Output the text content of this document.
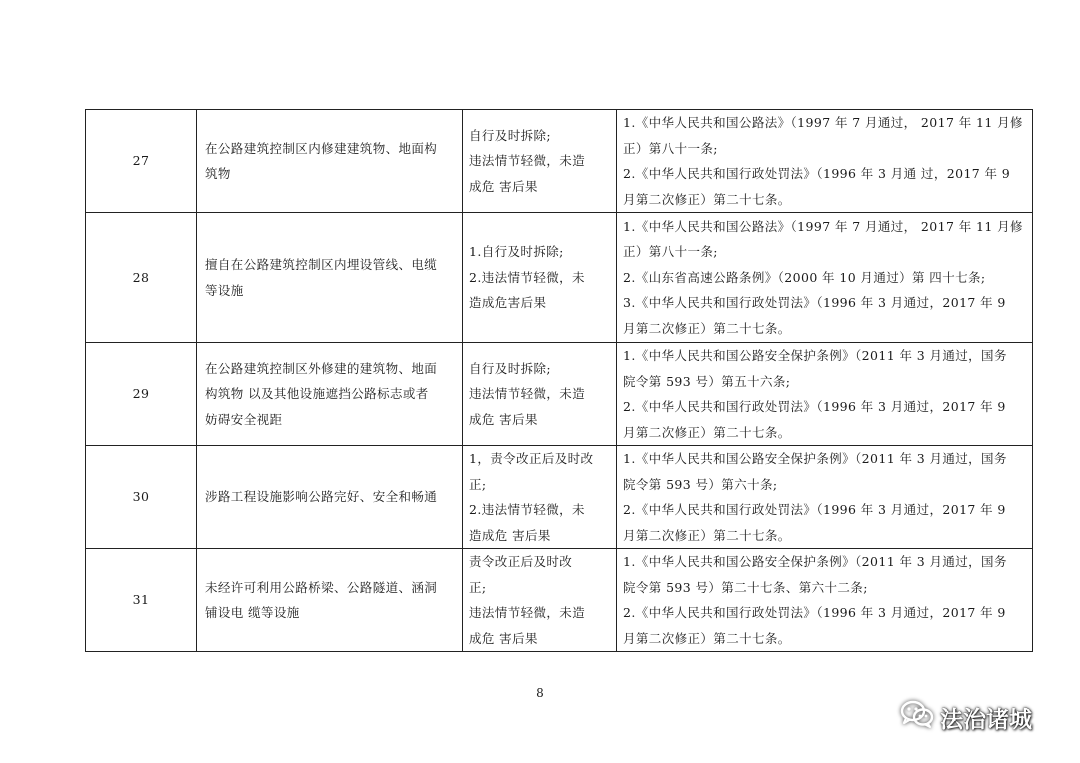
27	在公路建筑控制区内修建建筑物、地面构
筑物	自行及时拆除;
违法情节轻微，未造
成危 害后果	1.《中华人民共和国公路法》（1997 年 7 月通过， 2017 年 11 月修
正）第八十一条;
2.《中华人民共和国行政处罚法》（1996 年 3 月通 过，2017 年 9
月第二次修正）第二十七条。

28	擅自在公路建筑控制区内埋设管线、电缆
等设施	1.自行及时拆除;
2.违法情节轻微，未
造成危害后果	1.《中华人民共和国公路法》（1997 年 7 月通过， 2017 年 11 月修
正）第八十一条;
2.《山东省高速公路条例》（2000 年 10 月通过）第 四十七条;
3.《中华人民共和国行政处罚法》（1996 年 3 月通过，2017 年 9
月第二次修正）第二十七条。

29	在公路建筑控制区外修建的建筑物、地面
构筑物 以及其他设施遮挡公路标志或者
妨碍安全视距	自行及时拆除;
违法情节轻微，未造
成危 害后果	1.《中华人民共和国公路安全保护条例》（2011 年 3 月通过，国务
院令第 593 号）第五十六条;
2.《中华人民共和国行政处罚法》（1996 年 3 月通过，2017 年 9
月第二次修正）第二十七条。

30	涉路工程设施影响公路完好、安全和畅通	1，责令改正后及时改
正;
2.违法情节轻微，未
造成危 害后果	1.《中华人民共和国公路安全保护条例》（2011 年 3 月通过，国务
院令第 593 号）第六十条;
2.《中华人民共和国行政处罚法》（1996 年 3 月通过，2017 年 9
月第二次修正）第二十七条。

31	未经许可利用公路桥梁、公路隧道、涵洞
铺设电 缆等设施	责令改正后及时改
正;
违法情节轻微，未造
成危 害后果	1.《中华人民共和国公路安全保护条例》（2011 年 3 月通过，国务
院令第 593 号）第二十七条、第六十二条;
2.《中华人民共和国行政处罚法》（1996 年 3 月通过，2017 年 9
月第二次修正）第二十七条。
8
法治诸城
